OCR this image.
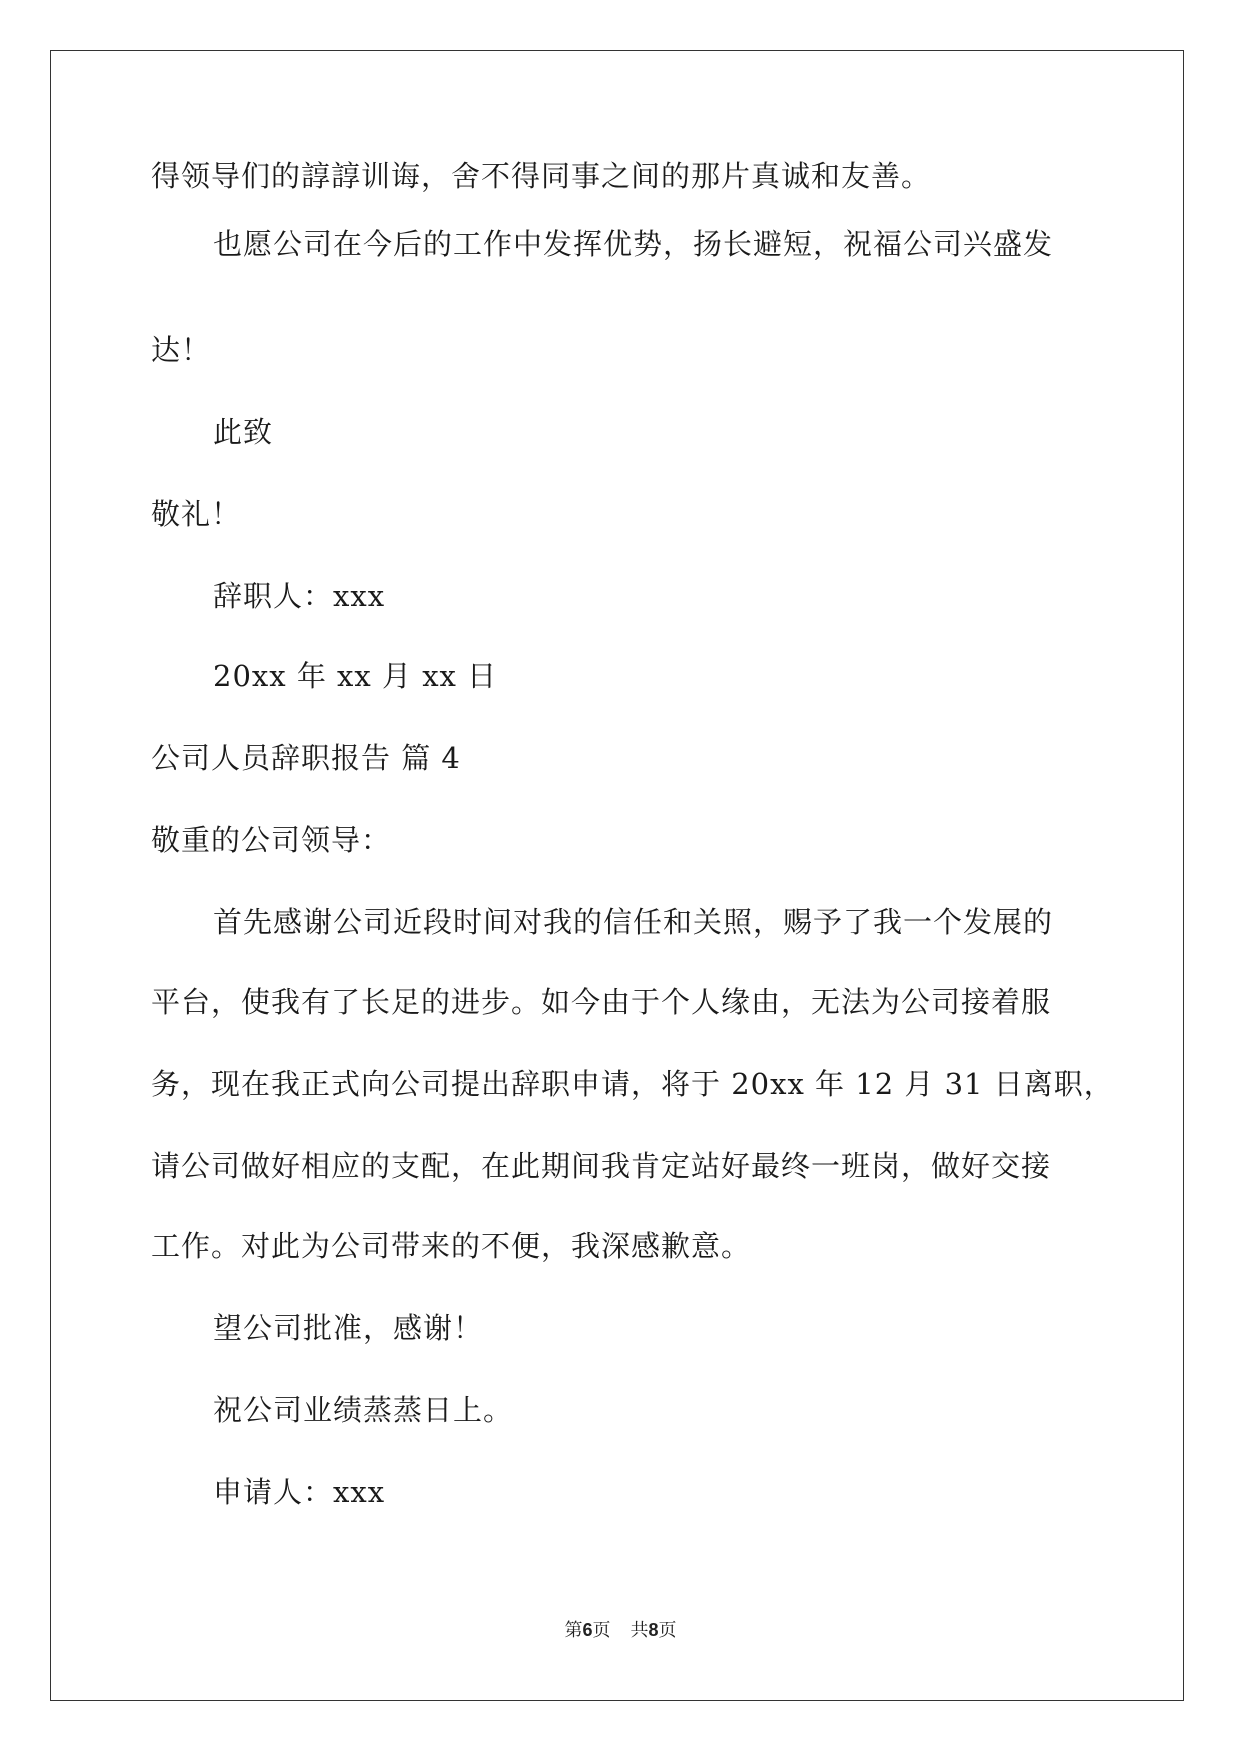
得领导们的諄諄训诲，舍不得同事之间的那片真诚和友善。
也愿公司在今后的工作中发挥优势，扬长避短，祝福公司兴盛发
达！
此致
敬礼！
辞职人：xxx
20xx 年 xx 月 xx 日
公司人员辞职报告 篇 4
敬重的公司领导：
首先感谢公司近段时间对我的信任和关照，赐予了我一个发展的
平台，使我有了长足的进步。如今由于个人缘由，无法为公司接着服
务，现在我正式向公司提出辞职申请，将于 20xx 年 12 月 31 日离职，
请公司做好相应的支配，在此期间我肯定站好最终一班岗，做好交接
工作。对此为公司带来的不便，我深感歉意。
望公司批准，感谢！
祝公司业绩蒸蒸日上。
申请人：xxx
第6页 共8页
